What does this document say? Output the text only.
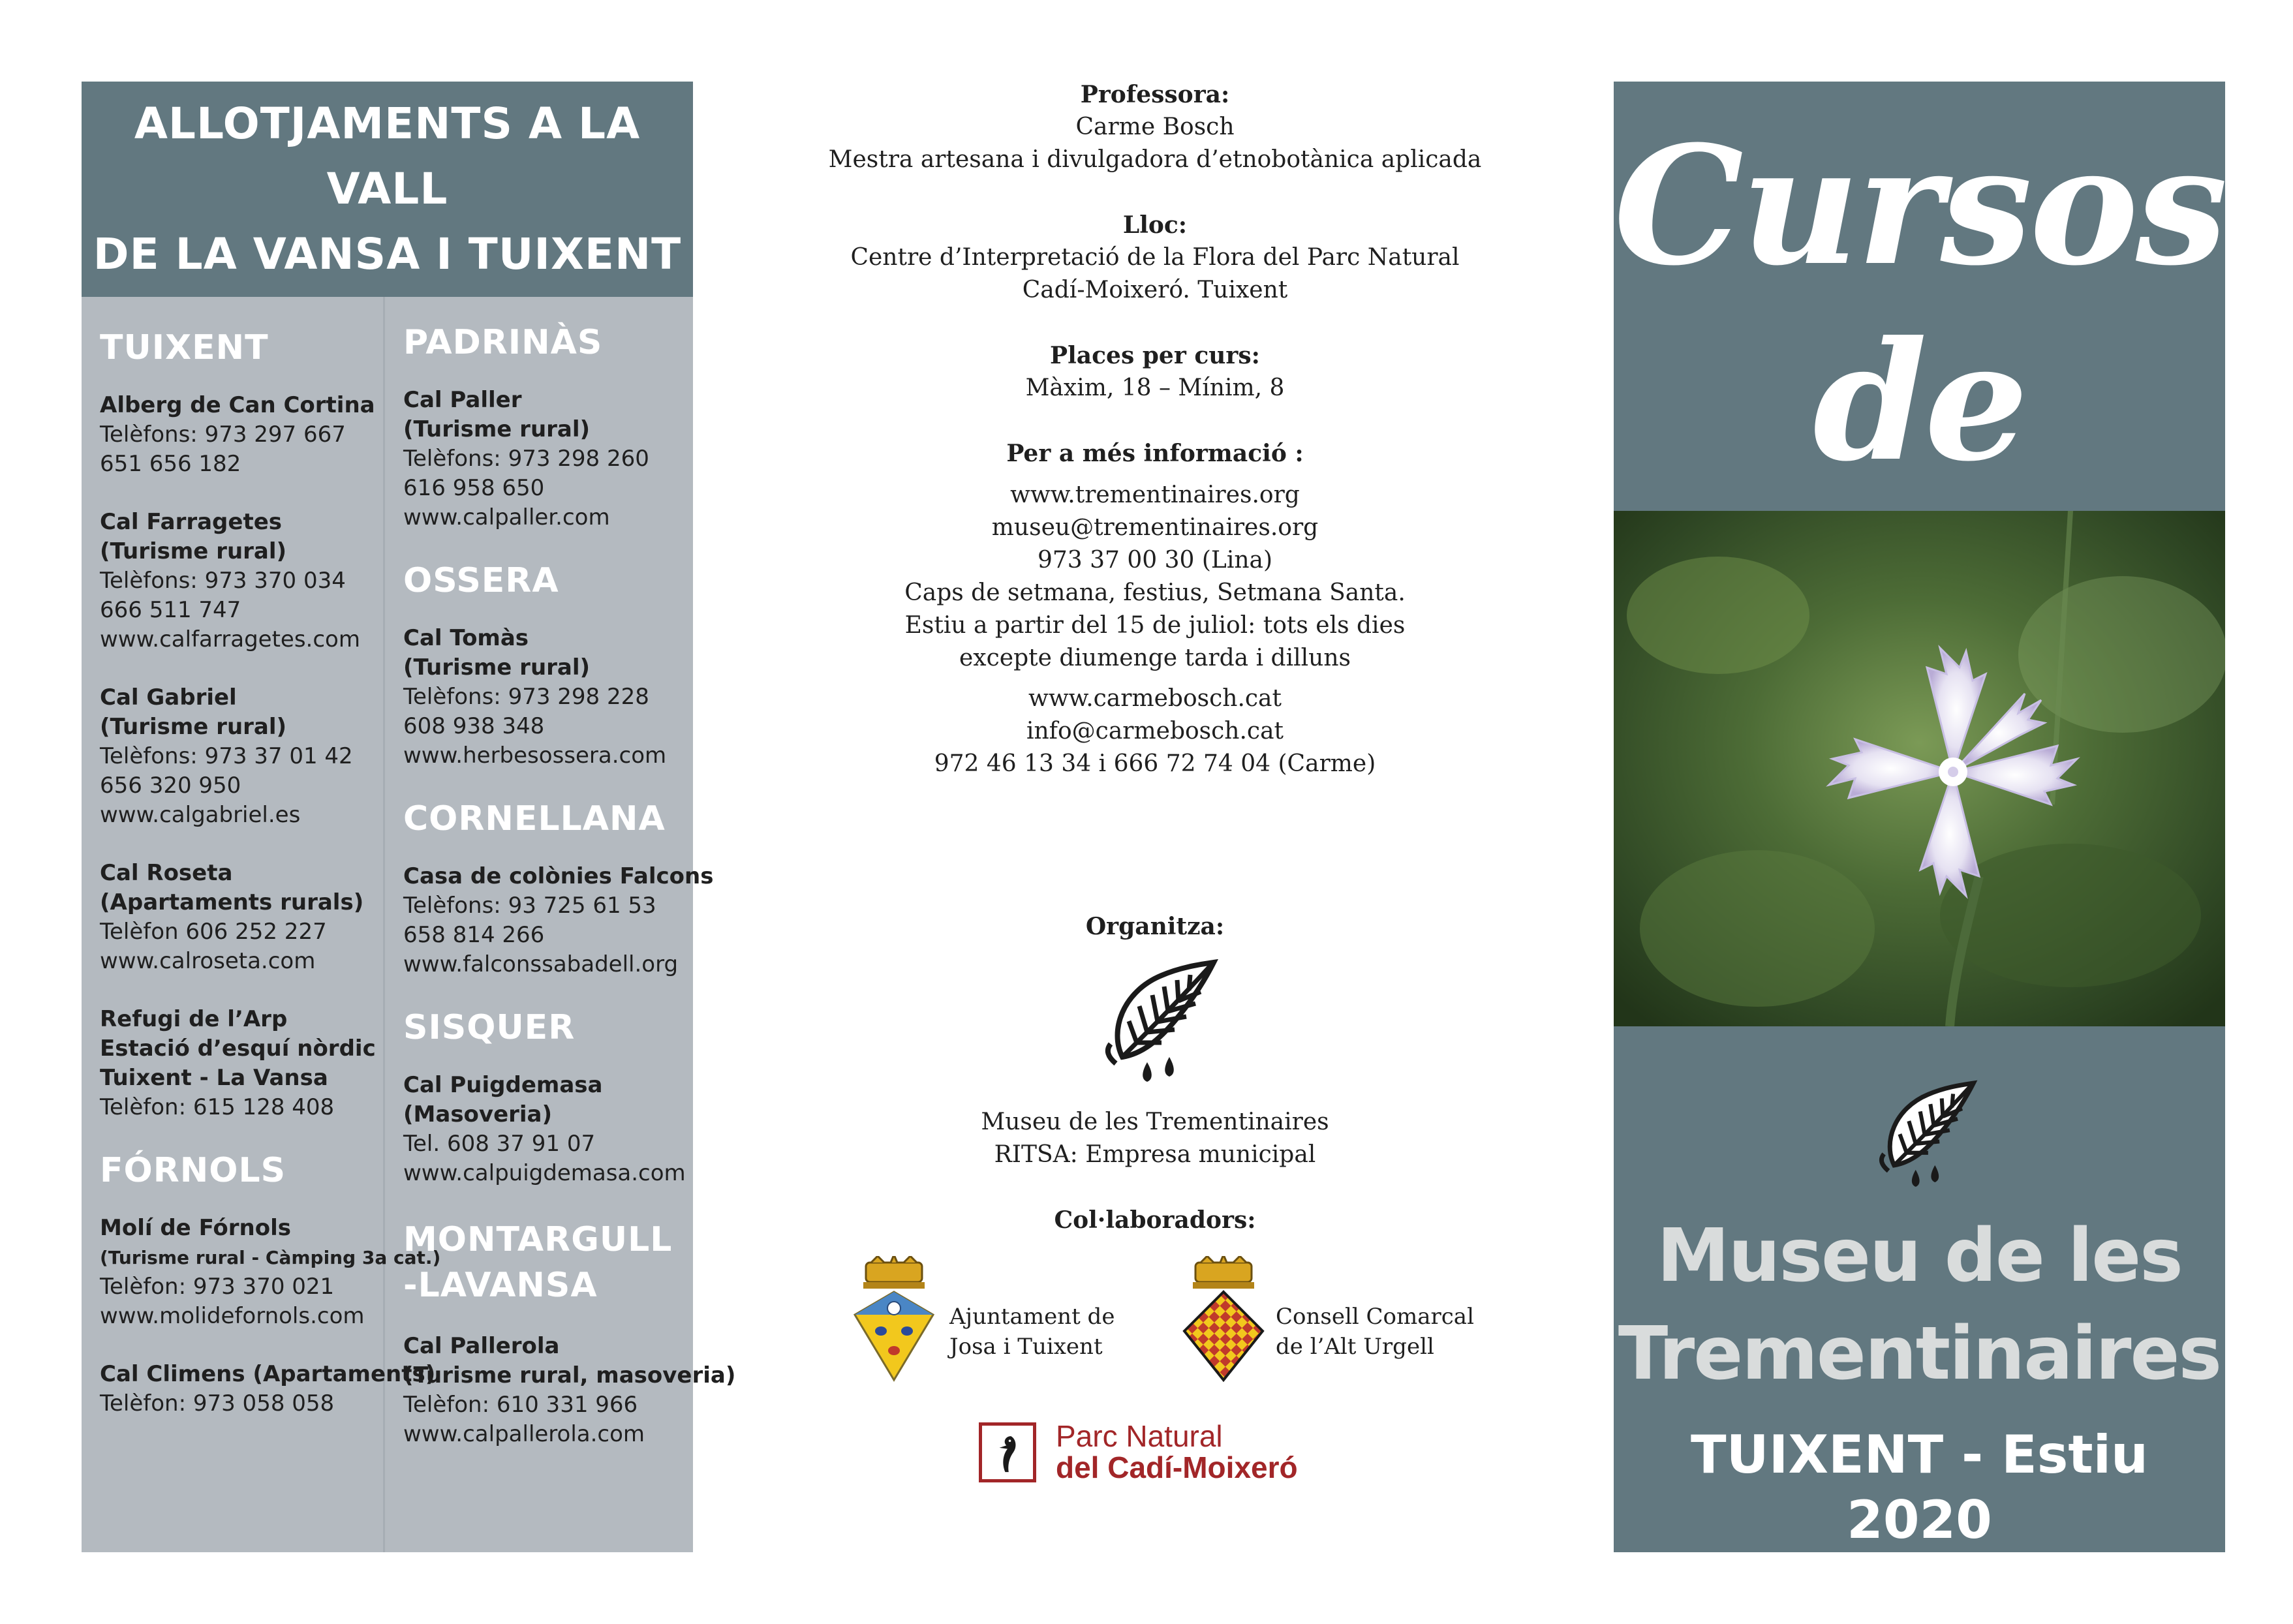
ALLOTJAMENTS A LA VALL
DE LA VANSA I TUIXENT
TUIXENT
Alberg de Can Cortina
Telèfons: 973 297 667
651 656 182
Cal Farragetes
(Turisme rural)
Telèfons: 973 370 034
666 511 747
www.calfarragetes.com
Cal Gabriel
(Turisme rural)
Telèfons: 973 37 01 42
656 320 950
www.calgabriel.es
Cal Roseta
(Apartaments rurals)
Telèfon 606 252 227
www.calroseta.com
Refugi de l’Arp
Estació d’esquí nòrdic
Tuixent - La Vansa
Telèfon: 615 128 408
FÓRNOLS
Molí de Fórnols
(Turisme rural - Càmping 3a cat.)
Telèfon: 973 370 021
www.molidefornols.com
Cal Climens (Apartaments)
Telèfon: 973 058 058
PADRINÀS
Cal Paller
(Turisme rural)
Telèfons: 973 298 260
616 958 650
www.calpaller.com
OSSERA
Cal Tomàs
(Turisme rural)
Telèfons: 973 298 228
608 938 348
www.herbesossera.com
CORNELLANA
Casa de colònies Falcons
Telèfons: 93 725 61 53
658 814 266
www.falconssabadell.org
SISQUER
Cal Puigdemasa
(Masoveria)
Tel. 608 37 91 07
www.calpuigdemasa.com
MONTARGULL
-LAVANSA
Cal Pallerola
(Turisme rural, masoveria)
Telèfon: 610 331 966
www.calpallerola.com
Professora:
Carme Bosch
Mestra artesana i divulgadora d’etnobotànica aplicada
Lloc:
Centre d’Interpretació de la Flora del Parc Natural
Cadí-Moixeró. Tuixent
Places per curs:
Màxim, 18 – Mínim, 8
Per a més informació :
www.trementinaires.org
museu@trementinaires.org
973 37 00 30 (Lina)
Caps de setmana, festius, Setmana Santa.
Estiu a partir del 15 de juliol: tots els dies
excepte diumenge tarda i dilluns
www.carmebosch.cat
info@carmebosch.cat
972 46 13 34 i 666 72 74 04 (Carme)
Organitza:
Museu de les Trementinaires
RITSA: Empresa municipal
Col·laboradors:
Ajuntament de
Josa i Tuixent
Consell Comarcal
de l’Alt Urgell
Parc Natural
del Cadí-Moixeró
Cursos
de
Museu de les
Trementinaires
TUIXENT - Estiu 2020
